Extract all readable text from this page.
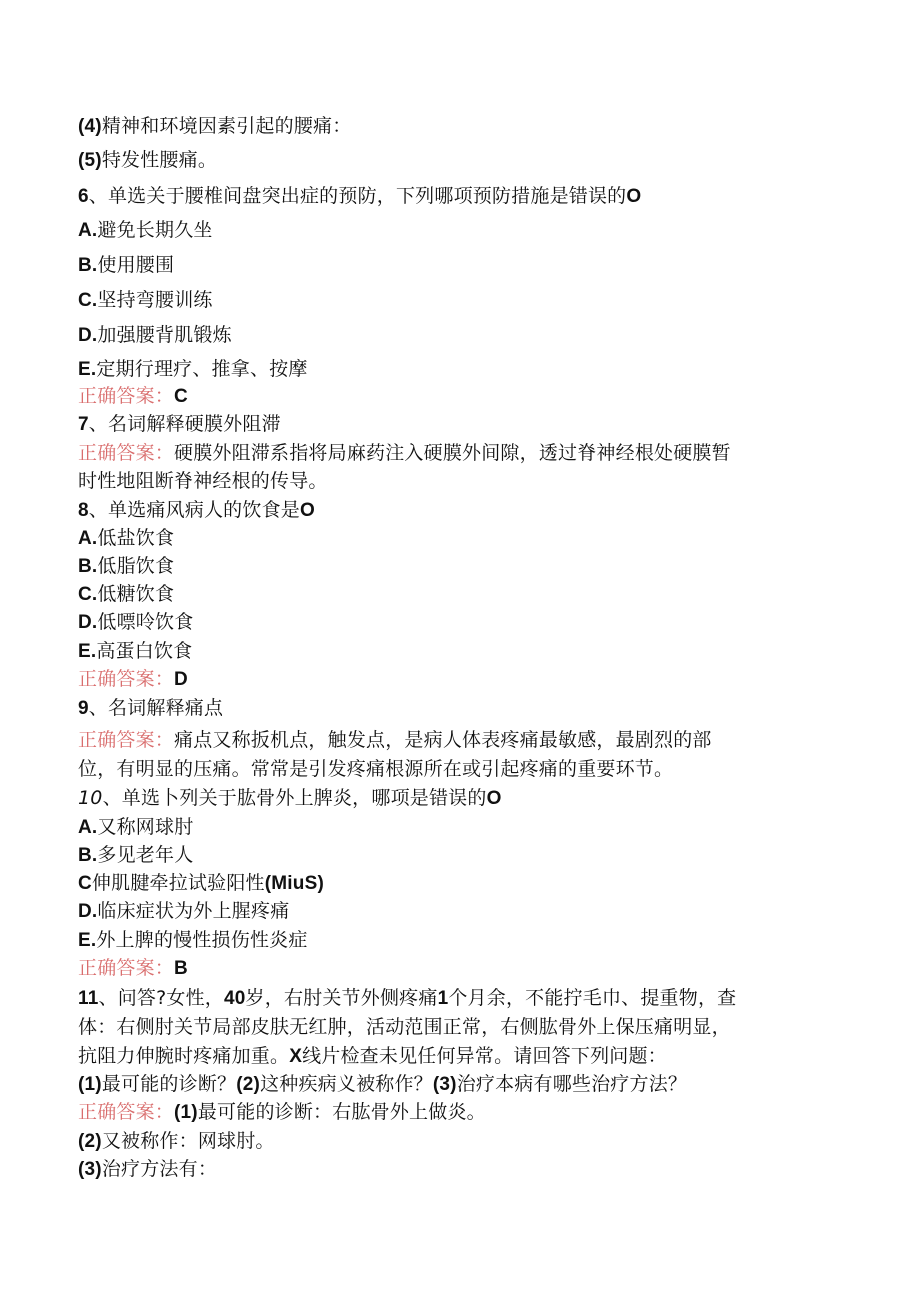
(4)精神和环境因素引起的腰痛：
(5)特发性腰痛。
6、单选关于腰椎间盘突出症的预防，下列哪项预防措施是错误的O
A.避免长期久坐
B.使用腰围
C.坚持弯腰训练
D.加强腰背肌锻炼
E.定期行理疗、推拿、按摩
正确答案：C
7、名词解释硬膜外阻滞
正确答案：硬膜外阻滞系指将局麻药注入硬膜外间隙，透过脊神经根处硬膜暂
时性地阻断脊神经根的传导。
8、单选痛风病人的饮食是O
A.低盐饮食
B.低脂饮食
C.低糖饮食
D.低嘌呤饮食
E.高蛋白饮食
正确答案：D
9、名词解释痛点
正确答案：痛点又称扳机点，触发点，是病人体表疼痛最敏感，最剧烈的部
位，有明显的压痛。常常是引发疼痛根源所在或引起疼痛的重要环节。
10、单选卜列关于肱骨外上脾炎，哪项是错误的O
A.又称网球肘
B.多见老年人
C伸肌腱牵拉试验阳性(MiuS)
D.临床症状为外上腥疼痛
E.外上脾的慢性损伤性炎症
正确答案：B
11、问答?女性，40岁，右肘关节外侧疼痛1个月余，不能拧毛巾、提重物，查
体：右侧肘关节局部皮肤无红肿，活动范围正常，右侧肱骨外上保压痛明显，
抗阻力伸腕时疼痛加重。X线片检查未见任何异常。请回答下列问题：
(1)最可能的诊断？(2)这种疾病义被称作？(3)治疗本病有哪些治疗方法？
正确答案：(1)最可能的诊断：右肱骨外上做炎。
(2)又被称作：网球肘。
(3)治疗方法有：
